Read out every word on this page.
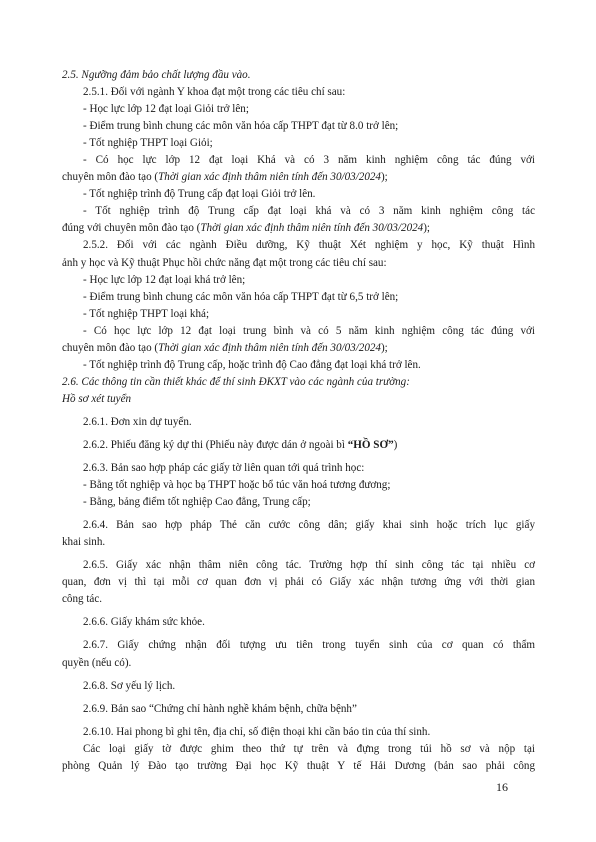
2.5. Ngưỡng đảm bảo chất lượng đầu vào.
2.5.1. Đối với ngành Y khoa đạt một trong các tiêu chí sau:
- Học lực lớp 12 đạt loại Giỏi trở lên;
- Điểm trung bình chung các môn văn hóa cấp THPT đạt từ 8.0 trở lên;
- Tốt nghiệp THPT loại Giỏi;
- Có học lực lớp 12 đạt loại Khá và có 3 năm kinh nghiệm công tác đúng với
chuyên môn đào tạo (Thời gian xác định thâm niên tính đến 30/03/2024);
- Tốt nghiệp trình độ Trung cấp đạt loại Giỏi trở lên.
- Tốt nghiệp trình độ Trung cấp đạt loại khá và có 3 năm kinh nghiệm công tác
đúng với chuyên môn đào tạo (Thời gian xác định thâm niên tính đến 30/03/2024);
2.5.2. Đối với các ngành Điều dưỡng, Kỹ thuật Xét nghiệm y học, Kỹ thuật Hình
ảnh y học và Kỹ thuật Phục hồi chức năng đạt một trong các tiêu chí sau:
- Học lực lớp 12 đạt loại khá trở lên;
- Điểm trung bình chung các môn văn hóa cấp THPT đạt từ 6,5 trở lên;
- Tốt nghiệp THPT loại khá;
- Có học lực lớp 12 đạt loại trung bình và có 5 năm kinh nghiệm công tác đúng với
chuyên môn đào tạo (Thời gian xác định thâm niên tính đến 30/03/2024);
- Tốt nghiệp trình độ Trung cấp, hoặc trình độ Cao đẳng đạt loại khá trở lên.
2.6. Các thông tin cần thiết khác để thí sinh ĐKXT vào các ngành của trường:
Hồ sơ xét tuyển
2.6.1. Đơn xin dự tuyển.
2.6.2. Phiếu đăng ký dự thi (Phiếu này được dán ở ngoài bì “HỒ SƠ”)
2.6.3. Bản sao hợp pháp các giấy tờ liên quan tới quá trình học:
- Bằng tốt nghiệp và học bạ THPT hoặc bổ túc văn hoá tương đương;
- Bằng, bảng điểm tốt nghiệp Cao đẳng, Trung cấp;
2.6.4. Bản sao hợp pháp Thẻ căn cước công dân; giấy khai sinh hoặc trích lục giấy
khai sinh.
2.6.5. Giấy xác nhận thâm niên công tác. Trường hợp thí sinh công tác tại nhiều cơ
quan, đơn vị thì tại mỗi cơ quan đơn vị phải có Giấy xác nhận tương ứng với thời gian
công tác.
2.6.6. Giấy khám sức khỏe.
2.6.7. Giấy chứng nhận đối tượng ưu tiên trong tuyển sinh của cơ quan có thẩm
quyền (nếu có).
2.6.8. Sơ yếu lý lịch.
2.6.9. Bản sao “Chứng chỉ hành nghề khám bệnh, chữa bệnh”
2.6.10. Hai phong bì ghi tên, địa chỉ, số điện thoại khi cần báo tin của thí sinh.
Các loại giấy tờ được ghim theo thứ tự trên và đựng trong túi hồ sơ và nộp tại
phòng Quản lý Đào tạo trường Đại học Kỹ thuật Y tế Hải Dương (bản sao phải công
16
